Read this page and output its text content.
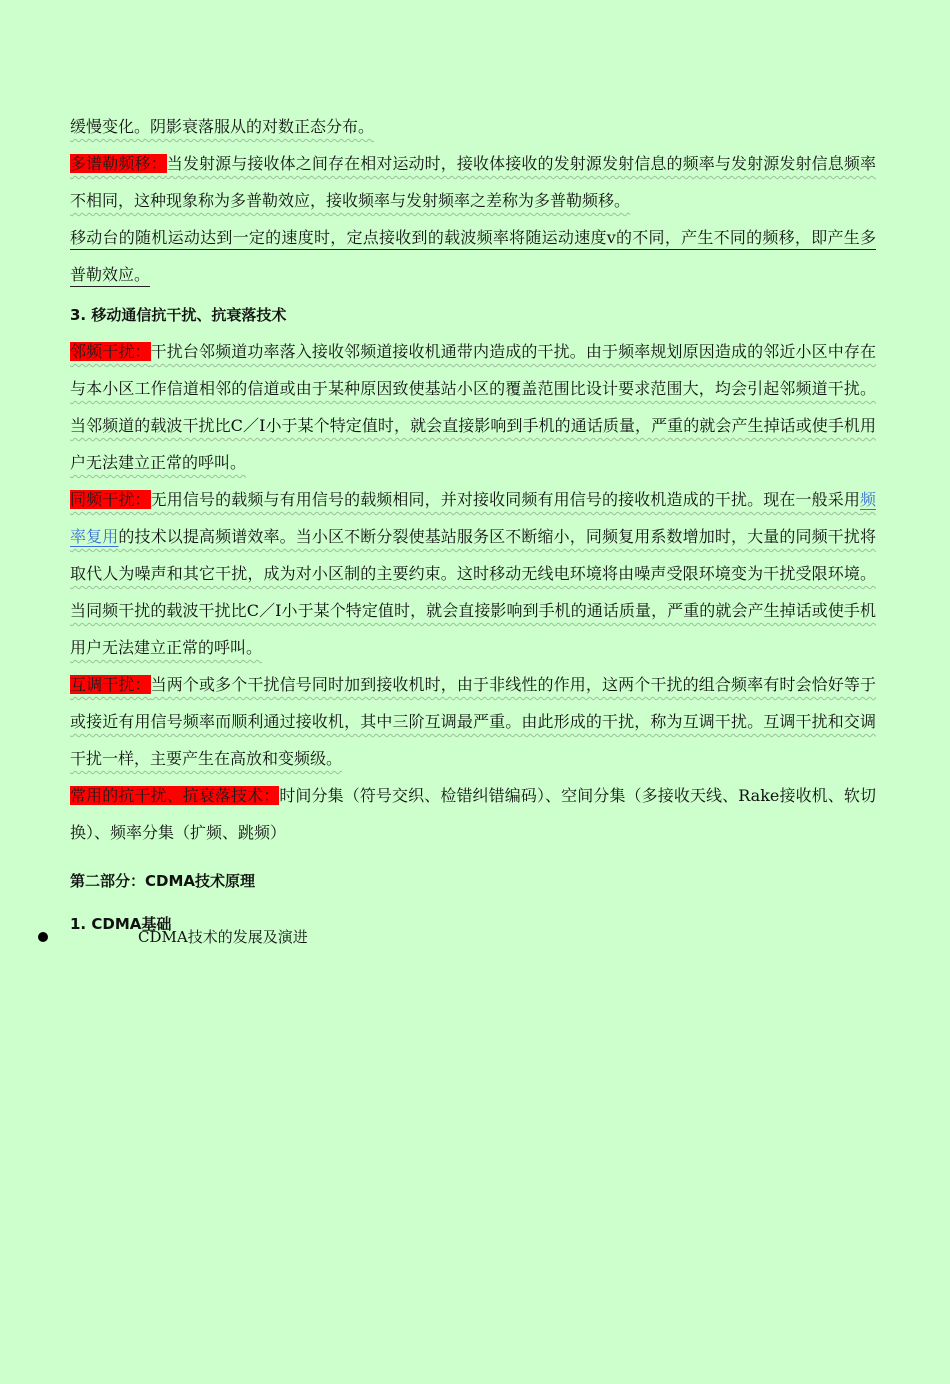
缓慢变化。阴影衰落服从的对数正态分布。

多谱勒频移：当发射源与接收体之间存在相对运动时，接收体接收的发射源发射信息的频率与发射源发射信息频率不相同，这种现象称为多普勒效应，接收频率与发射频率之差称为多普勒频移。

移动台的随机运动达到一定的速度时，定点接收到的载波频率将随运动速度v的不同，产生不同的频移，即产生多普勒效应。

3. 移动通信抗干扰、抗衰落技术

邻频干扰：干扰台邻频道功率落入接收邻频道接收机通带内造成的干扰。由于频率规划原因造成的邻近小区中存在与本小区工作信道相邻的信道或由于某种原因致使基站小区的覆盖范围比设计要求范围大，均会引起邻频道干扰。当邻频道的载波干扰比C／I小于某个特定值时，就会直接影响到手机的通话质量，严重的就会产生掉话或使手机用户无法建立正常的呼叫。

同频干扰：无用信号的载频与有用信号的载频相同，并对接收同频有用信号的接收机造成的干扰。现在一般采用频率复用的技术以提高频谱效率。当小区不断分裂使基站服务区不断缩小，同频复用系数增加时，大量的同频干扰将取代人为噪声和其它干扰，成为对小区制的主要约束。这时移动无线电环境将由噪声受限环境变为干扰受限环境。当同频干扰的载波干扰比C／I小于某个特定值时，就会直接影响到手机的通话质量，严重的就会产生掉话或使手机用户无法建立正常的呼叫。

互调干扰：当两个或多个干扰信号同时加到接收机时，由于非线性的作用，这两个干扰的组合频率有时会恰好等于或接近有用信号频率而顺利通过接收机，其中三阶互调最严重。由此形成的干扰，称为互调干扰。互调干扰和交调干扰一样，主要产生在高放和变频级。

常用的抗干扰、抗衰落技术：时间分集（符号交织、检错纠错编码）、空间分集（多接收天线、Rake接收机、软切换）、频率分集（扩频、跳频）

第二部分：CDMA技术原理

1. CDMA基础

CDMA技术的发展及演进
